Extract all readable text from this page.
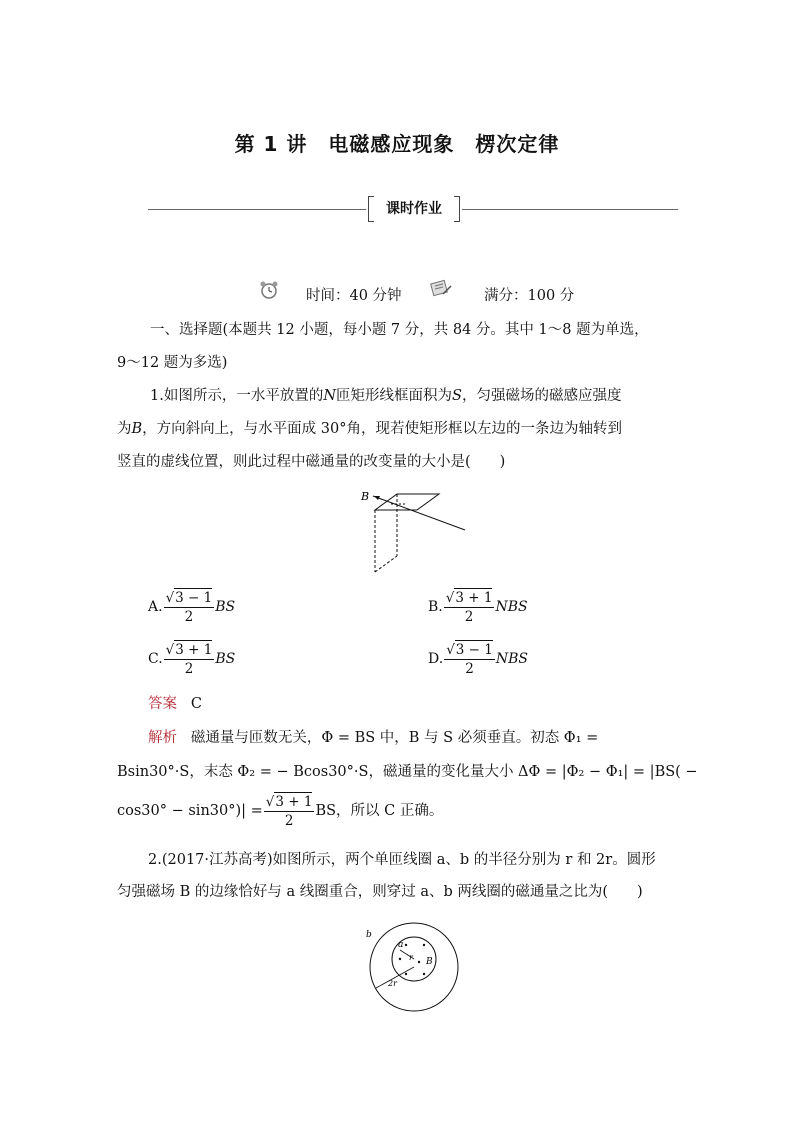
第 1 讲　电磁感应现象　楞次定律
课时作业
时间：40 分钟	满分：100 分
一、选择题(本题共 12 小题，每小题 7 分，共 84 分。其中 1～8 题为单选，
9～12 题为多选)
1.如图所示，一水平放置的N匝矩形线框面积为S，匀强磁场的磁感应强度
为B，方向斜向上，与水平面成 30°角，现若使矩形框以左边的一条边为轴转到
竖直的虚线位置，则此过程中磁通量的改变量的大小是(　　)
B
A. $\frac{√3 - 1}{2}$ BS	B. $\frac{√3 + 1}{2}$ NBS
C. $\frac{√3 + 1}{2}$ BS	D. $\frac{√3 - 1}{2}$ NBS
答案 C
解析 磁通量与匝数无关，Φ = BS 中，B 与 S 必须垂直。初态 Φ₁ =
Bsin30°·S，末态 Φ₂ = − Bcos30°·S，磁通量的变化量大小 ΔΦ = |Φ₂ − Φ₁| = |BS( −
$\cos 30^\circ - \sin 30^\circ)| = \frac{√3 + 1}{2}$ BS，所以 C 正确。
2.(2017·江苏高考)如图所示，两个单匝线圈 a、b 的半径分别为 r 和 2r。圆形
匀强磁场 B 的边缘恰好与 a 线圈重合，则穿过 a、b 两线圈的磁通量之比为(　　)
b
a
r B
2r
